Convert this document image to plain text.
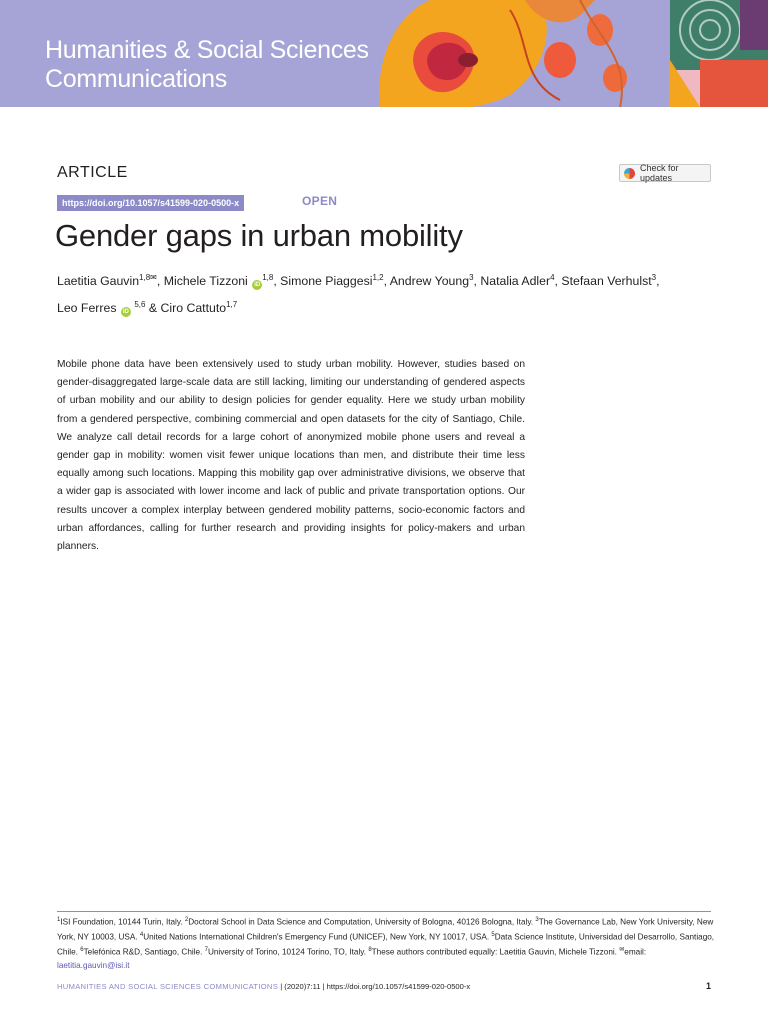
Humanities & Social Sciences
Communications
ARTICLE	Check for updates
https://doi.org/10.1057/s41599-020-0500-x	OPEN
Gender gaps in urban mobility
Laetitia Gauvin$^{1,8✉}$, Michele Tizzoni iD$^{1,8}$, Simone Piaggesi$^{1,2}$, Andrew Young$^3$, Natalia Adler$^4$, Stefaan Verhulst$^3$,
Leo Ferres iD $^{5,6}$ & Ciro Cattuto$^{1,7}$

Mobile phone data have been extensively used to study urban mobility. However, studies based on gender-disaggregated large-scale data are still lacking, limiting our understanding of gendered aspects of urban mobility and our ability to design policies for gender equality. Here we study urban mobility from a gendered perspective, combining commercial and open datasets for the city of Santiago, Chile. We analyze call detail records for a large cohort of anonymized mobile phone users and reveal a gender gap in mobility: women visit fewer unique locations than men, and distribute their time less equally among such locations. Mapping this mobility gap over administrative divisions, we observe that a wider gap is associated with lower income and lack of public and private transportation options. Our results uncover a complex interplay between gendered mobility patterns, socio-economic factors and urban affordances, calling for further research and providing insights for policy-makers and urban planners.

$^1$ISI Foundation, 10144 Turin, Italy. $^2$Doctoral School in Data Science and Computation, University of Bologna, 40126 Bologna, Italy. $^3$The Governance Lab, New York University, New York, NY 10003, USA. $^4$United Nations International Children's Emergency Fund (UNICEF), New York, NY 10017, USA. $^5$Data Science Institute, Universidad del Desarrollo, Santiago, Chile. $^6$Telefónica R&D, Santiago, Chile. $^7$University of Torino, 10124 Torino, TO, Italy. $^8$These authors contributed equally: Laetitia Gauvin, Michele Tizzoni. ✉email: laetitia.gauvin@isi.it

HUMANITIES AND SOCIAL SCIENCES COMMUNICATIONS | (2020)7:11 | https://doi.org/10.1057/s41599-020-0500-x	1
